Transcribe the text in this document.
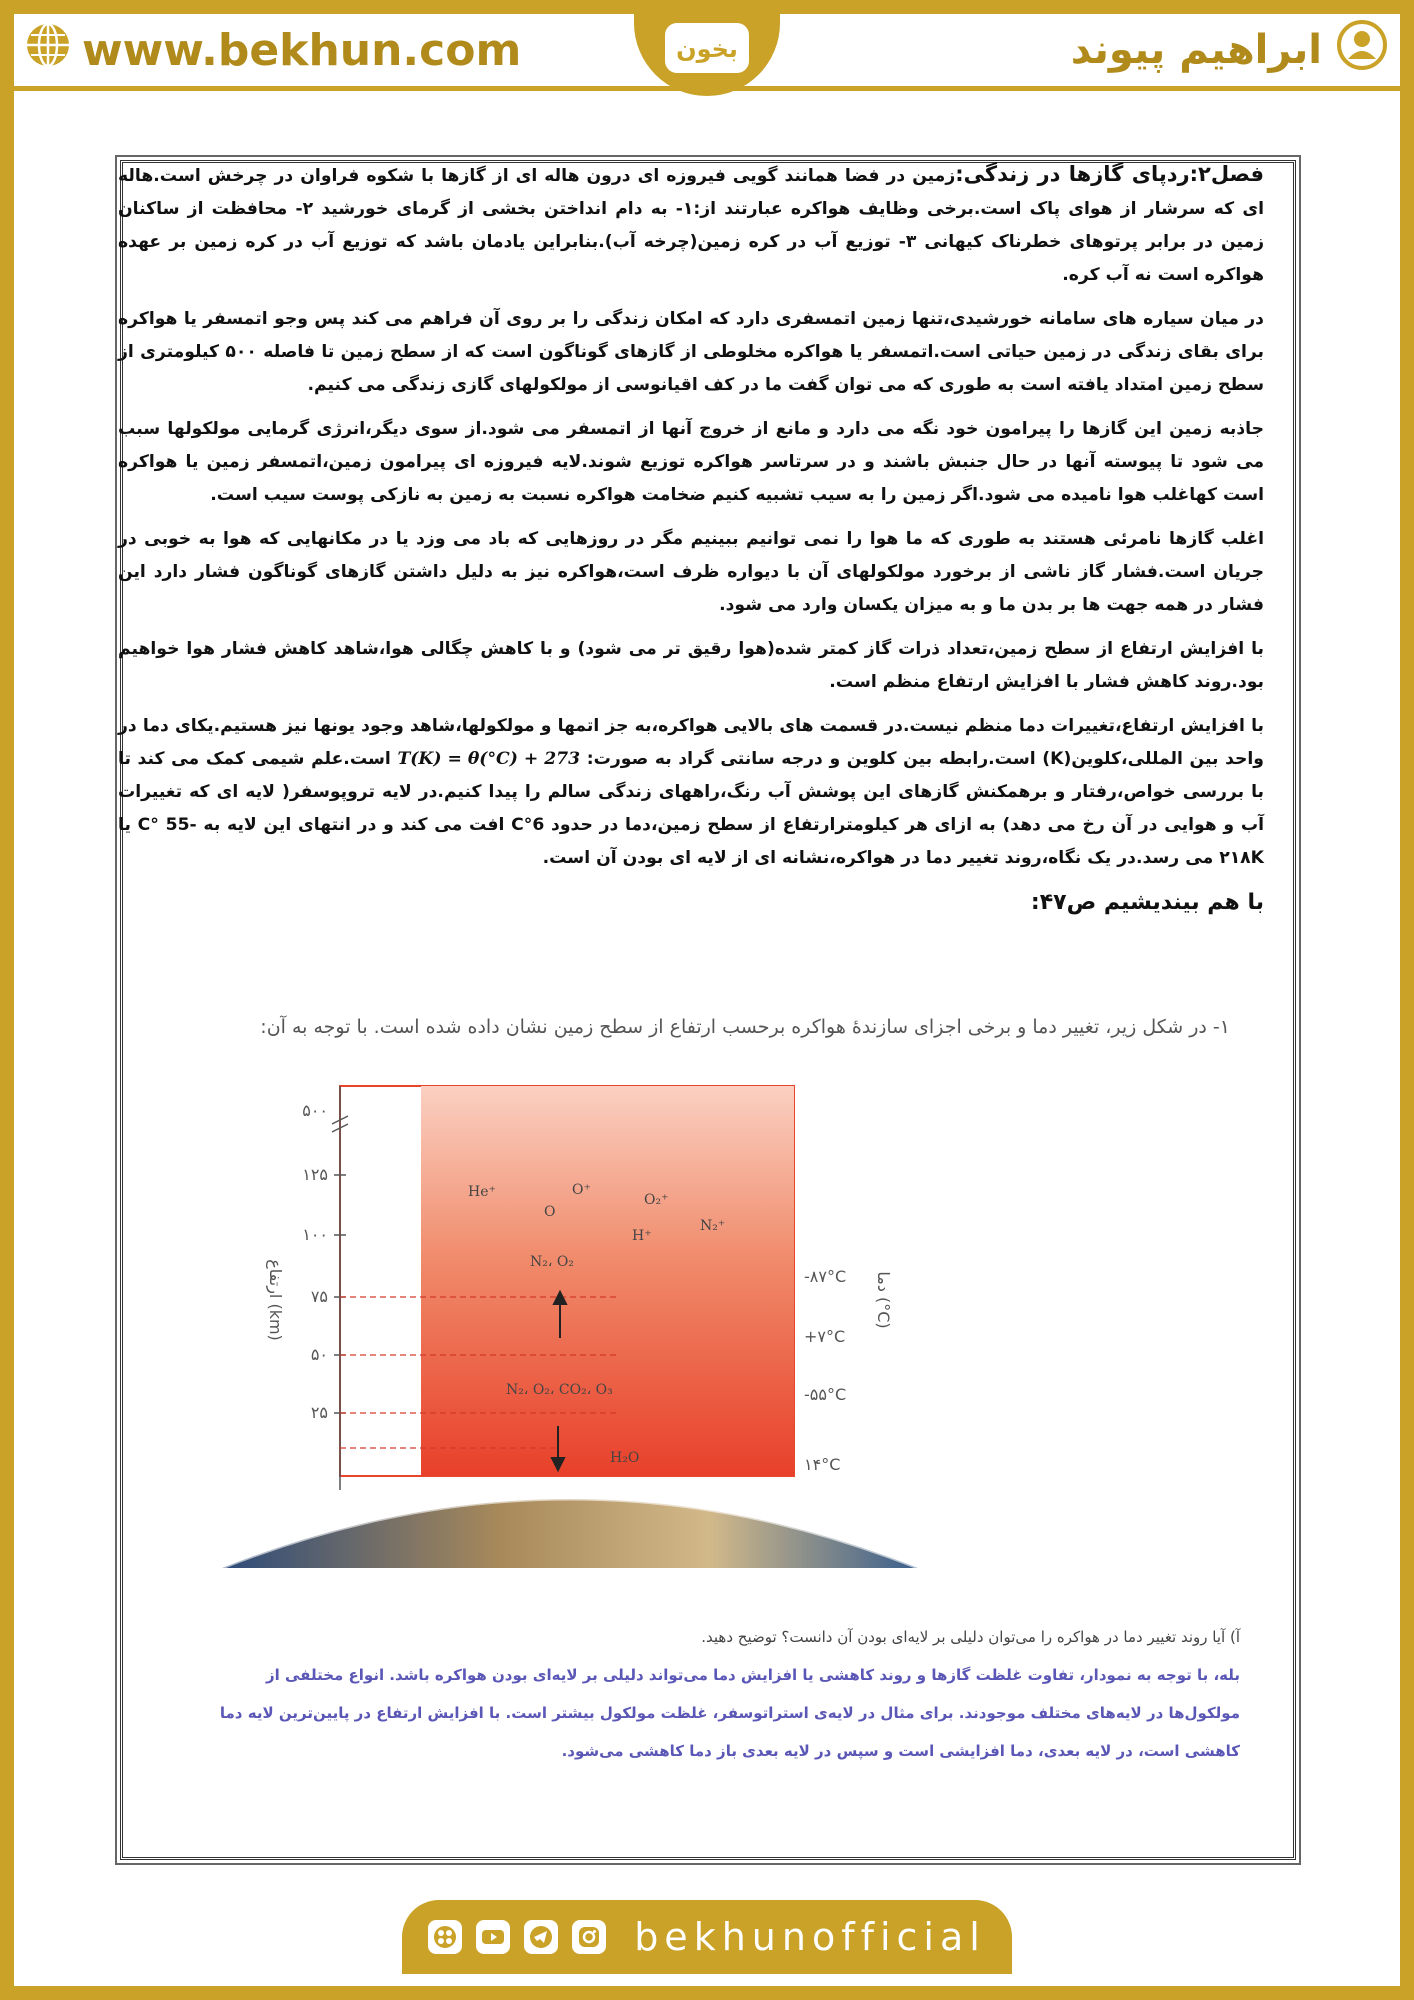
www.bekhun.com	بخون	ابراهیم پیوند

فصل۲:ردپای گازها در زندگی:زمین در فضا همانند گویی فیروزه ای درون هاله ای از گازها با شکوه فراوان در چرخش است.هاله ای که سرشار از هوای پاک است.برخی وظایف هواکره عبارتند از:۱- به دام انداختن بخشی از گرمای خورشید ۲- محافظت از ساکنان زمین در برابر پرتوهای خطرناک کیهانی ۳- توزیع آب در کره زمین(چرخه آب).بنابراین یادمان باشد که توزیع آب در کره زمین بر عهده هواکره است نه آب کره.

در میان سیاره های سامانه خورشیدی،تنها زمین اتمسفری دارد که امکان زندگی را بر روی آن فراهم می کند پس وجو اتمسفر یا هواکره برای بقای زندگی در زمین حیاتی است.اتمسفر یا هواکره مخلوطی از گازهای گوناگون است که از سطح زمین تا فاصله ۵۰۰ کیلومتری از سطح زمین امتداد یافته است به طوری که می توان گفت ما در کف اقیانوسی از مولکولهای گازی زندگی می کنیم.

جاذبه زمین این گازها را پیرامون خود نگه می دارد و مانع از خروج آنها از اتمسفر می شود.از سوی دیگر،انرژی گرمایی مولکولها سبب می شود تا پیوسته آنها در حال جنبش باشند و در سرتاسر هواکره توزیع شوند.لایه فیروزه ای پیرامون زمین،اتمسفر زمین یا هواکره است کهاغلب هوا نامیده می شود.اگر زمین را به سیب تشبیه کنیم ضخامت هواکره نسبت به زمین به نازکی پوست سیب است.

اغلب گازها نامرئی هستند به طوری که ما هوا را نمی توانیم ببینیم مگر در روزهایی که باد می وزد یا در مکانهایی که هوا به خوبی در جریان است.فشار گاز ناشی از برخورد مولکولهای آن با دیواره ظرف است،هواکره نیز به دلیل داشتن گازهای گوناگون فشار دارد این فشار در همه جهت ها بر بدن ما و به میزان یکسان وارد می شود.

با افزایش ارتفاع از سطح زمین،تعداد ذرات گاز کمتر شده(هوا رقیق تر می شود) و با کاهش چگالی هوا،شاهد کاهش فشار هوا خواهیم بود.روند کاهش فشار با افزایش ارتفاع منظم است.

با افزایش ارتفاع،تغییرات دما منظم نیست.در قسمت های بالایی هواکره،به جز اتمها و مولکولها،شاهد وجود یونها نیز هستیم.یکای دما در واحد بین المللی،کلوین(K) است.رابطه بین کلوین و درجه سانتی گراد به صورت: T(K) = θ(°C) + 273 است.علم شیمی کمک می کند تا با بررسی خواص،رفتار و برهمکنش گازهای این پوشش آب رنگ،راههای زندگی سالم را پیدا کنیم.در لایه تروپوسفر( لایه ای که تغییرات آب و هوایی در آن رخ می دهد) به ازای هر کیلومترارتفاع از سطح زمین،دما در حدود 6°C افت می کند و در انتهای این لایه به -55 °C یا ۲۱۸K می رسد.در یک نگاه،روند تغییر دما در هواکره،نشانه ای از لایه ای بودن آن است.

با هم بیندیشیم ص۴۷:

۱- در شکل زیر، تغییر دما و برخی اجزای سازندهٔ هواکره برحسب ارتفاع از سطح زمین نشان داده شده است. با توجه به آن:
۵۰۰
۱۲۵
۱۰۰
۷۵
۵۰
۲۵
ارتفاع (km)
دما (°C)
-۸۷°C
+۷°C
-۵۵°C
۱۴°C
He⁺
O
O⁺
O₂⁺
H⁺
N₂⁺
N₂، O₂
N₂، O₂، CO₂، O₃
H₂O
آ) آیا روند تغییر دما در هواکره را می‌توان دلیلی بر لایه‌ای بودن آن دانست؟ توضیح دهید.
بله، با توجه به نمودار، تفاوت غلظت گازها و روند کاهشی یا افزایش دما می‌تواند دلیلی بر لایه‌ای بودن هواکره باشد. انواع مختلفی از مولکول‌ها در لایه‌های مختلف موجودند. برای مثال در لایه‌ی استراتوسفر، غلظت مولکول بیشتر است. با افزایش ارتفاع در پایین‌ترین لایه دما کاهشی است، در لایه بعدی، دما افزایشی است و سپس در لایه بعدی باز دما کاهشی می‌شود.
bekhunofficial
